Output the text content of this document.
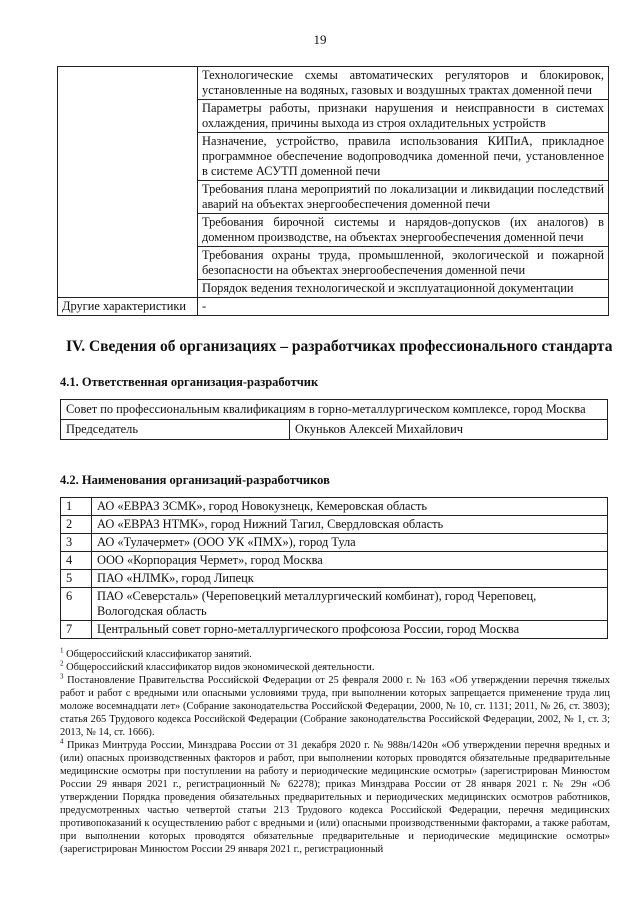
19
	Технологические схемы автоматических регуляторов и блокировок, установленные на водяных, газовых и воздушных трактах доменной печи
	Параметры работы, признаки нарушения и неисправности в системах охлаждения, причины выхода из строя охладительных устройств
	Назначение, устройство, правила использования КИПиА, прикладное программное обеспечение водопроводчика доменной печи, установленное в системе АСУТП доменной печи
	Требования плана мероприятий по локализации и ликвидации последствий аварий на объектах энергообеспечения доменной печи
	Требования бирочной системы и нарядов-допусков (их аналогов) в доменном производстве, на объектах энергообеспечения доменной печи
	Требования охраны труда, промышленной, экологической и пожарной безопасности на объектах энергообеспечения доменной печи
	Порядок ведения технологической и эксплуатационной документации
Другие характеристики	-
IV. Сведения об организациях – разработчиках профессионального стандарта
4.1. Ответственная организация-разработчик
Совет по профессиональным квалификациям в горно-металлургическом комплексе, город Москва
Председатель	Окуньков Алексей Михайлович
4.2. Наименования организаций-разработчиков
1	АО «ЕВРАЗ ЗСМК», город Новокузнецк, Кемеровская область
2	АО «ЕВРАЗ НТМК», город Нижний Тагил, Свердловская область
3	АО «Тулачермет» (ООО УК «ПМХ»), город Тула
4	ООО «Корпорация Чермет», город Москва
5	ПАО «НЛМК», город Липецк
6	ПАО «Северсталь» (Череповецкий металлургический комбинат), город Череповец, Вологодская область
7	Центральный совет горно-металлургического профсоюза России, город Москва

$^1$ Общероссийский классификатор занятий.

$^2$ Общероссийский классификатор видов экономической деятельности.

$^3$ Постановление Правительства Российской Федерации от 25 февраля 2000 г. № 163 «Об утверждении перечня тяжелых работ и работ с вредными или опасными условиями труда, при выполнении которых запрещается применение труда лиц моложе восемнадцати лет» (Собрание законодательства Российской Федерации, 2000, № 10, ст. 1131; 2011, № 26, ст. 3803); статья 265 Трудового кодекса Российской Федерации (Собрание законодательства Российской Федерации, 2002, № 1, ст. 3; 2013, № 14, ст. 1666).

$^4$ Приказ Минтруда России, Минздрава России от 31 декабря 2020 г. № 988н/1420н «Об утверждении перечня вредных и (или) опасных производственных факторов и работ, при выполнении которых проводятся обязательные предварительные медицинские осмотры при поступлении на работу и периодические медицинские осмотры» (зарегистрирован Минюстом России 29 января 2021 г., регистрационный № 62278); приказ Минздрава России от 28 января 2021 г. № 29н «Об утверждении Порядка проведения обязательных предварительных и периодических медицинских осмотров работников, предусмотренных частью четвертой статьи 213 Трудового кодекса Российской Федерации, перечня медицинских противопоказаний к осуществлению работ с вредными и (или) опасными производственными факторами, а также работам, при выполнении которых проводятся обязательные предварительные и периодические медицинские осмотры» (зарегистрирован Минюстом России 29 января 2021 г., регистрационный
